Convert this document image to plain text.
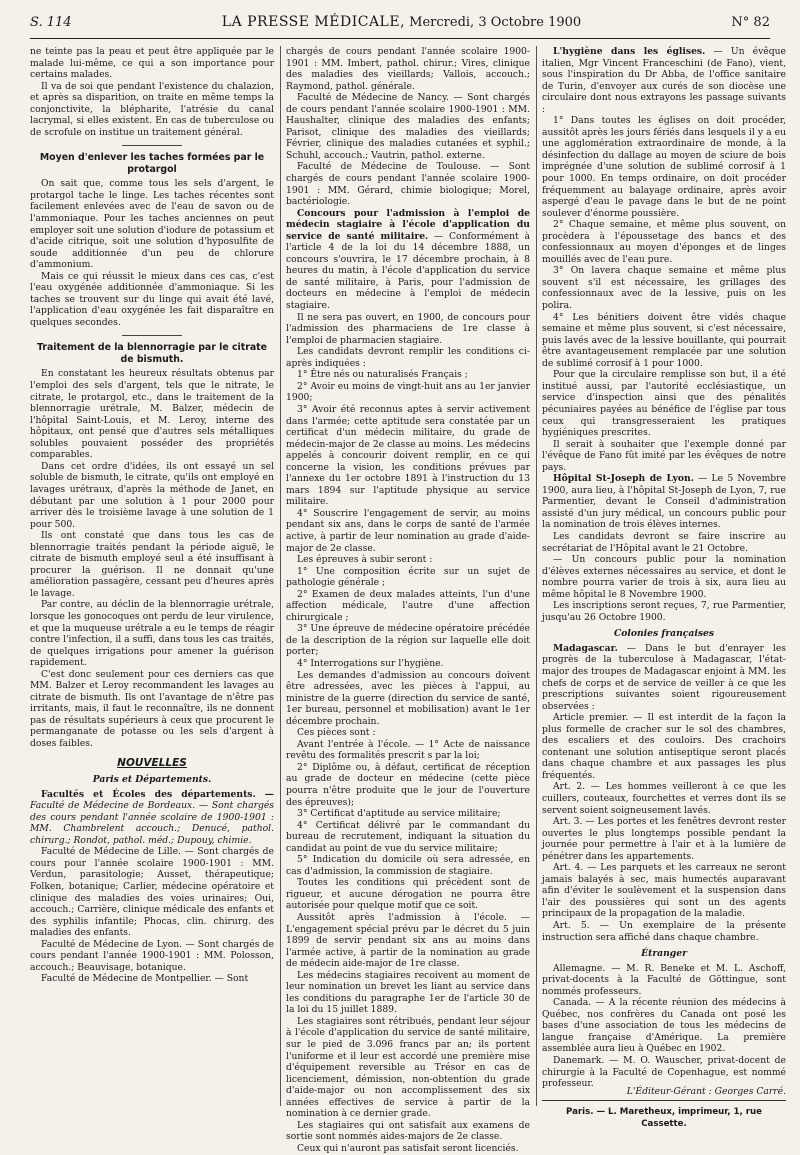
S. 114	LA PRESSE MÉDICALE, Mercredi, 3 Octobre 1900	N° 82

ne teinte pas la peau et peut être appliquée par le malade lui-même, ce qui a son importance pour certains malades.

Il va de soi que pendant l'existence du chalazion, et après sa disparition, on traite en même temps la conjonctivite, la blépharite, l'atrésie du canal lacrymal, si elles existent. En cas de tuberculose ou de scrofule on institue un traitement général.

Moyen d'enlever les taches formées par le protargol

On sait que, comme tous les sels d'argent, le protargol tache le linge. Les taches récentes sont facilement enlevées avec de l'eau de savon ou de l'ammoniaque. Pour les taches anciennes on peut employer soit une solution d'iodure de potassium et d'acide citrique, soit une solution d'hyposulfite de soude additionnée d'un peu de chlorure d'ammonium.

Mais ce qui réussit le mieux dans ces cas, c'est l'eau oxygénée additionnée d'ammoniaque. Si les taches se trouvent sur du linge qui avait été lavé, l'application d'eau oxygénée les fait disparaître en quelques secondes.

Traitement de la blennorragie par le citrate de bismuth.

En constatant les heureux résultats obtenus par l'emploi des sels d'argent, tels que le nitrate, le citrate, le protargol, etc., dans le traitement de la blennorragie urétrale, M. Balzer, médecin de l'hôpital Saint-Louis, et M. Leroy, interne des hôpitaux, ont pensé que d'autres sels métalliques solubles pouvaient posséder des propriétés comparables.

Dans cet ordre d'idées, ils ont essayé un sel soluble de bismuth, le citrate, qu'ils ont employé en lavages urétraux, d'après la méthode de Janet, en débutant par une solution à 1 pour 2000 pour arriver dès le troisième lavage à une solution de 1 pour 500.

Ils ont constaté que dans tous les cas de blennorragie traités pendant la période aiguë, le citrate de bismuth employé seul a été insuffisant à procurer la guérison. Il ne donnait qu'une amélioration passagère, cessant peu d'heures après le lavage.

Par contre, au déclin de la blennorragie urétrale, lorsque les gonocoques ont perdu de leur virulence, et que la muqueuse urétrale a eu le temps de réagir contre l'infection, il a suffi, dans tous les cas traités, de quelques irrigations pour amener la guérison rapidement.

C'est donc seulement pour ces derniers cas que MM. Balzer et Leroy recommandent les lavages au citrate de bismuth. Ils ont l'avantage de n'être pas irritants, mais, il faut le reconnaître, ils ne donnent pas de résultats supérieurs à ceux que procurent le permanganate de potasse ou les sels d'argent à doses faibles.

NOUVELLES
Paris et Départements.

Facultés et Écoles des départements. — Faculté de Médecine de Bordeaux. — Sont chargés des cours pendant l'année scolaire de 1900-1901 : MM. Chambrelent accouch.; Denucé, pathol. chirurg.; Rondot, pathol. méd.; Dupouy, chimie.

Faculté de Médecine de Lille. — Sont chargés de cours pour l'année scolaire 1900-1901 : MM. Verdun, parasitologie; Ausset, thérapeutique; Folken, botanique; Carlier, médecine opératoire et clinique des maladies des voies urinaires; Oui, accouch.; Carrière, clinique médicale des enfants et des syphilis infantile; Phocas, clin. chirurg. des maladies des enfants.

Faculté de Médecine de Lyon. — Sont chargés de cours pendant l'année 1900-1901 : MM. Polosson, accouch.; Beauvisage, botanique.

Faculté de Médecine de Montpellier. — Sont

chargés de cours pendant l'année scolaire 1900-1901 : MM. Imbert, pathol. chirur.; Vires, clinique des maladies des vieillards; Vallois, accouch.; Raymond, pathol. générale.

Faculté de Médecine de Nancy. — Sont chargés de cours pendant l'année scolaire 1900-1901 : MM. Haushalter, clinique des maladies des enfants; Parisot, clinique des maladies des vieillards; Février, clinique des maladies cutanées et syphil.; Schuhl, accouch.; Vautrin, pathol. externe.

Faculté de Médecine de Toulouse. — Sont chargés de cours pendant l'année scolaire 1900-1901 : MM. Gérard, chimie biologique; Morel, bactériologie.

Concours pour l'admission à l'emploi de médecin stagiaire à l'école d'application du service de santé militaire. — Conformément à l'article 4 de la loi du 14 décembre 1888, un concours s'ouvrira, le 17 décembre prochain, à 8 heures du matin, à l'école d'application du service de santé militaire, à Paris, pour l'admission de docteurs en médecine à l'emploi de médecin stagiaire.

Il ne sera pas ouvert, en 1900, de concours pour l'admission des pharmaciens de 1re classe à l'emploi de pharmacien stagiaire.

Les candidats devront remplir les conditions ci-après indiquées :

1° Être nés ou naturalisés Français ;

2° Avoir eu moins de vingt-huit ans au 1er janvier 1900;

3° Avoir été reconnus aptes à servir activement dans l'armée; cette aptitude sera constatée par un certificat d'un médecin militaire, du grade de médecin-major de 2e classe au moins. Les médecins appelés à concourir doivent remplir, en ce qui concerne la vision, les conditions prévues par l'annexe du 1er octobre 1891 à l'instruction du 13 mars 1894 sur l'aptitude physique au service militaire.

4° Souscrire l'engagement de servir, au moins pendant six ans, dans le corps de santé de l'armée active, à partir de leur nomination au grade d'aide-major de 2e classe.

Les épreuves à subir seront :

1° Une composition écrite sur un sujet de pathologie générale ;

2° Examen de deux malades atteints, l'un d'une affection médicale, l'autre d'une affection chirurgicale ;

3° Une épreuve de médecine opératoire précédée de la description de la région sur laquelle elle doit porter;

4° Interrogations sur l'hygiène.

Les demandes d'admission au concours doivent être adressées, avec les pièces à l'appui, au ministre de la guerre (direction du service de santé, 1er bureau, personnel et mobilisation) avant le 1er décembre prochain.

Ces pièces sont :

Avant l'entrée à l'école. — 1° Acte de naissance revêtu des formalités prescrit s par la loi;

2° Diplôme ou, à défaut, certificat de réception au grade de docteur en médecine (cette pièce pourra n'être produite que le jour de l'ouverture des épreuves);

3° Certificat d'aptitude au service militaire;

4° Certificat délivré par le commandant du bureau de recrutement, indiquant la situation du candidat au point de vue du service militaire;

5° Indication du domicile où sera adressée, en cas d'admission, la commission de stagiaire.

Toutes les conditions qui précèdent sont de rigueur, et aucune dérogation ne pourra être autorisée pour quelque motif que ce soit.

Aussitôt après l'admission à l'école. — L'engagement spécial prévu par le décret du 5 juin 1899 de servir pendant six ans au moins dans l'armée active, à partir de la nomination au grade de médecin aide-major de 1re classe.

Les médecins stagiaires recoivent au moment de leur nomination un brevet les liant au service dans les conditions du paragraphe 1er de l'article 30 de la loi du 15 juillet 1889.

Les stagiaires sont rétribués, pendant leur séjour à l'école d'application du service de santé militaire, sur le pied de 3.096 francs par an; ils portent l'uniforme et il leur est accordé une première mise d'équipement reversible au Trésor en cas de licenciement, démission, non-obtention du grade d'aide-major ou non accomplissement des six années effectives de service à partir de la nomination à ce dernier grade.

Les stagiaires qui ont satisfait aux examens de sortie sont nommés aides-majors de 2e classe.

Ceux qui n'auront pas satisfait seront licenciés.

L'hygiène dans les églises. — Un évêque italien, Mgr Vincent Franceschini (de Fano), vient, sous l'inspiration du Dr Abba, de l'office sanitaire de Turin, d'envoyer aux curés de son diocèse une circulaire dont nous extrayons les passage suivants :

1° Dans toutes les églises on doit procéder, aussitôt après les jours fériés dans lesquels il y a eu une agglomération extraordinaire de monde, à la désinfection du dallage au moyen de sciure de bois imprégnée d'une solution de sublimé corrosif à 1 pour 1000. En temps ordinaire, on doit procéder fréquemment au balayage ordinaire, après avoir aspergé d'eau le pavage dans le but de ne point soulever d'énorme poussière.

2° Chaque semaine, et même plus souvent, on procèdera à l'époussetage des bancs et des confessionnaux au moyen d'éponges et de linges mouillés avec de l'eau pure.

3° On lavera chaque semaine et même plus souvent s'il est nécessaire, les grillages des confessionnaux avec de la lessive, puis on les polira.

4° Les bénitiers doivent être vidés chaque semaine et même plus souvent, si c'est nécessaire, puis lavés avec de la lessive bouillante, qui pourrait être avantageusement remplacée par une solution de sublimé corrosif à 1 pour 1000.

Pour que la circulaire remplisse son but, il a été institué aussi, par l'autorité ecclésiastique, un service d'inspection ainsi que des pénalités pécuniaires payées au bénéfice de l'église par tous ceux qui transgresseraient les pratiques hygiéniques prescrites.

Il serait à souhaiter que l'exemple donné par l'évêque de Fano fût imité par les évêques de notre pays.

Hôpital St-Joseph de Lyon. — Le 5 Novembre 1900, aura lieu, à l'hôpital St-Joseph de Lyon, 7, rue Parmentier, devant le Conseil d'administration assisté d'un jury médical, un concours public pour la nomination de trois élèves internes.

Les candidats devront se faire inscrire au secrétariat de l'Hôpital avant le 21 Octobre.

— Un concours public pour la nomination d'élèves externes nécessaires au service, et dont le nombre pourra varier de trois à six, aura lieu au même hôpital le 8 Novembre 1900.

Les inscriptions seront reçues, 7, rue Parmentier, jusqu'au 26 Octobre 1900.

Colonies françaises

Madagascar. — Dans le but d'enrayer les progrès de la tuberculose à Madagascar, l'état-major des troupes de Madagascar enjoint à MM. les chefs de corps et de service de veiller à ce que les prescriptions suivantes soient rigoureusement observées :

Article premier. — Il est interdit de la façon la plus formelle de cracher sur le sol des chambres, des escaliers et des couloirs. Des crachoirs contenant une solution antiseptique seront placés dans chaque chambre et aux passages les plus fréquentés.

Art. 2. — Les hommes veilleront à ce que les cuillers, couteaux, fourchettes et verres dont ils se servent soient soigneusement lavés.

Art. 3. — Les portes et les fenêtres devront rester ouvertes le plus longtemps possible pendant la journée pour permettre à l'air et à la lumière de pénétrer dans les appartements.

Art. 4. — Les parquets et les carreaux ne seront jamais balayés à sec, mais humectés auparavant afin d'éviter le soulèvement et la suspension dans l'air des poussières qui sont un des agents principaux de la propagation de la maladie.

Art. 5. — Un exemplaire de la présente instruction sera affiché dans chaque chambre.

Étranger

Allemagne. — M. R. Beneke et M. L. Aschoff, privat-docents à la Faculté de Göttingue, sont nommés professeurs.

Canada. — A la récente réunion des médecins à Québec, nos confrères du Canada ont posé les bases d'une association de tous les médecins de langue française d'Amérique. La première assemblée aura lieu à Québec en 1902.

Danemark. — M. O. Wauscher, privat-docent de chirurgie à la Faculté de Copenhague, est nommé professeur.

L'Éditeur-Gérant : Georges Carré.
Paris. — L. Maretheux, imprimeur, 1, rue Cassette.
